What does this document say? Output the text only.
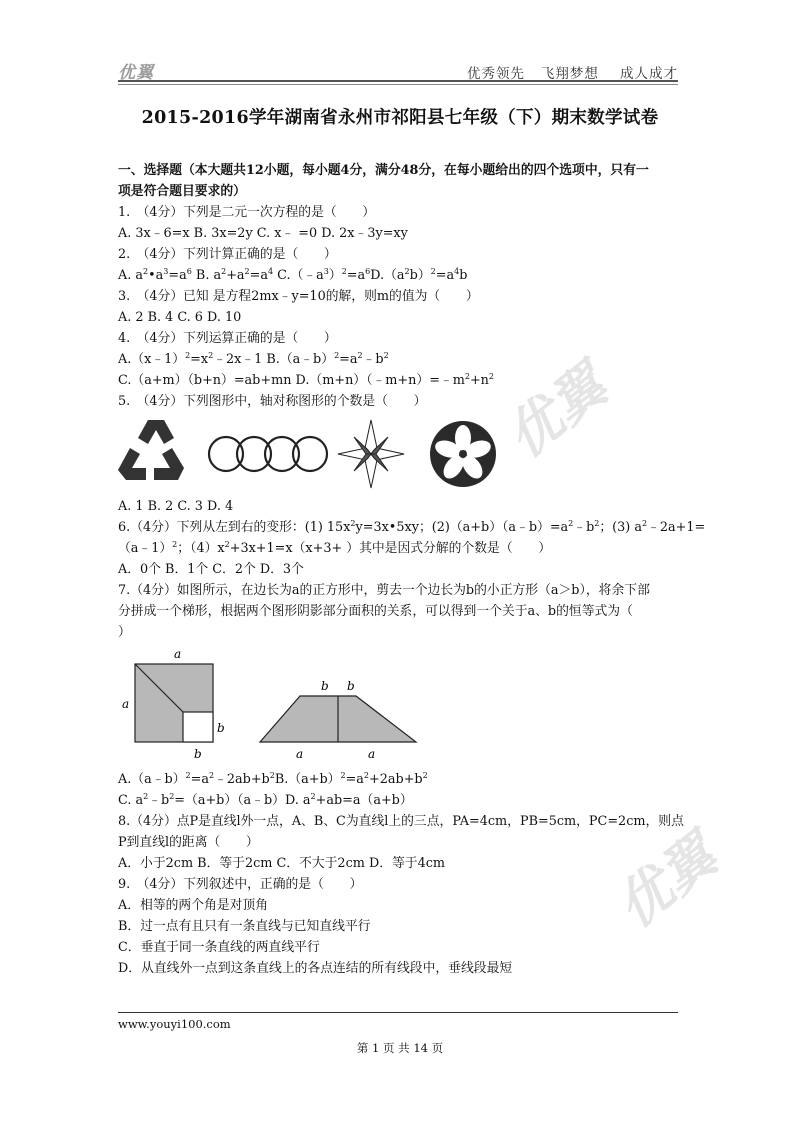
优翼	优秀领先   飞翔梦想    成人成才
优翼
优翼
2015-2016学年湖南省永州市祁阳县七年级（下）期末数学试卷
一、选择题（本大题共12小题，每小题4分，满分48分，在每小题给出的四个选项中，只有一
项是符合题目要求的）
1.　（4分）下列是二元一次方程的是（　　）
A. 3x﹣6=x B. 3x=2y C. x﹣ =0 D. 2x﹣3y=xy
2.　（4分）下列计算正确的是（　　）
A. $a^2•a^3=a^6$ B. $a^2+a^2=a^4$ $C.(﹣a^3)^2=a^6D.(a^2b)^2=a^4b$
3.　（4分）已知 是方程2mx﹣y=10的解，则m的值为（　　）
A. 2 B. 4 C. 6 D. 10
4.　（4分）下列运算正确的是（　　）
$A.(x﹣1)^2=x^2﹣2x﹣1$ $B.(a﹣b)^2=a^2﹣b^2$
C.（a+m）（b+n）=ab+mn $D.(m+n)(﹣m+n)=﹣m^2+n^2$
5.　（4分）下列图形中，轴对称图形的个数是（　　）
A. 1 B. 2 C. 3 D. 4
6.（4分）下列从左到右的变形：(1) $15x^2y=3x•5xy$；$(2)(a+b)(a﹣b)=a^2﹣b^2$；(3) $a^2﹣2a+1=$
（a﹣1）$^2$；$(4)x^2+3x+1=x(x+3+$ ）其中是因式分解的个数是（　　）
A．0个 B．1个 C．2个 D．3个
7.（4分）如图所示，在边长为a的正方形中，剪去一个边长为b的小正方形（a＞b），将余下部
分拼成一个梯形，根据两个图形阴影部分面积的关系，可以得到一个关于a、b的恒等式为（
）
a
a
b
b
b b
a	a
$A.(a﹣b)^2=a^2﹣2ab+b^2B.(a+b)^2=a^2+2ab+b^2$
C. $a^2﹣b^2=(a+b)(a﹣b)D$. $a^2+ab=a(a+b)$
8.（4分）点P是直线l外一点，A、B、C为直线l上的三点，PA=4cm，PB=5cm，PC=2cm，则点
P到直线l的距离（　　）
A．小于2cm B．等于2cm C．不大于2cm D．等于4cm
9.　（4分）下列叙述中，正确的是（　　）
A．相等的两个角是对顶角
B．过一点有且只有一条直线与已知直线平行
C．垂直于同一条直线的两直线平行
D．从直线外一点到这条直线上的各点连结的所有线段中，垂线段最短
www.youyi100.com
第 1 页 共 14 页
